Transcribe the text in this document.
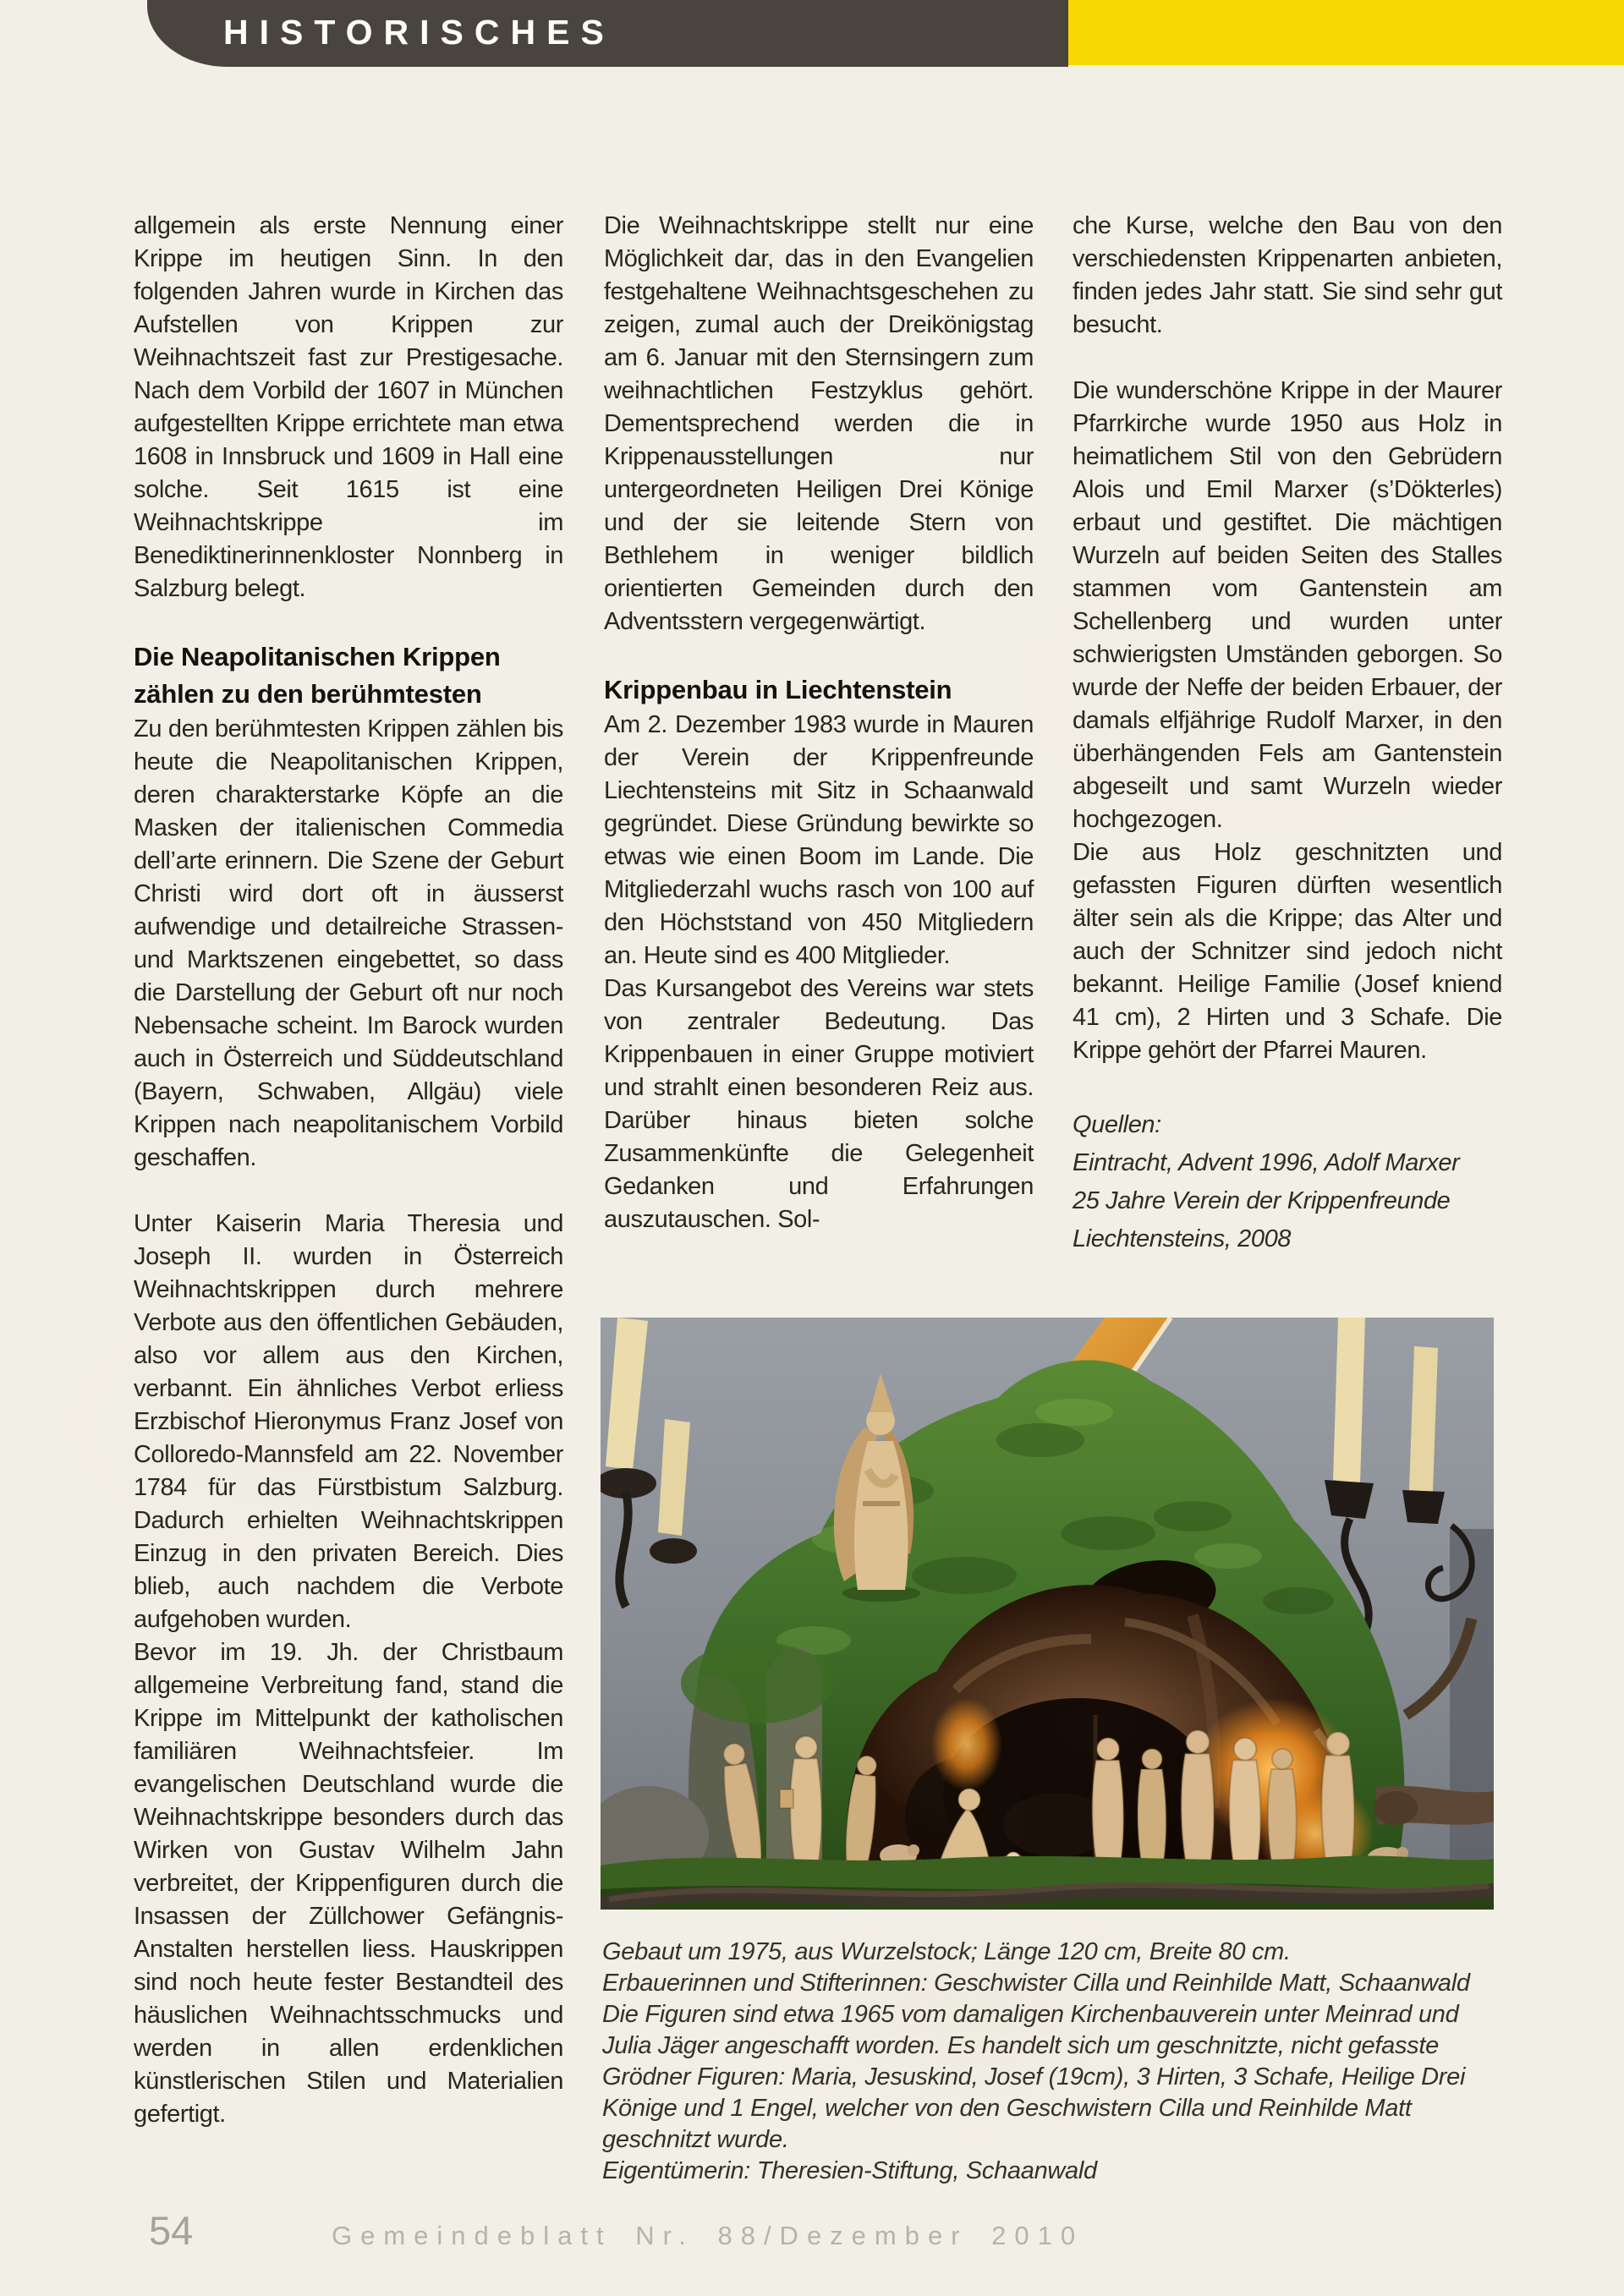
HISTORISCHES

allgemein als erste Nennung einer Krippe im heutigen Sinn. In den folgenden Jahren wurde in Kirchen das Aufstellen von Krippen zur Weihnachtszeit fast zur Prestigesache. Nach dem Vorbild der 1607 in München aufgestellten Krippe errichtete man etwa 1608 in Innsbruck und 1609 in Hall eine solche. Seit 1615 ist eine Weihnachtskrippe im Benediktinerinnenkloster Nonnberg in Salzburg belegt.

Die Neapolitanischen Krippen
zählen zu den berühmtesten

Zu den berühmtesten Krippen zählen bis heute die Neapolitanischen Krippen, deren charakterstarke Köpfe an die Masken der italienischen Commedia dell’arte erinnern. Die Szene der Geburt Christi wird dort oft in äusserst aufwendige und detailreiche Strassen-und Marktszenen eingebettet, so dass die Darstellung der Geburt oft nur noch Nebensache scheint. Im Barock wurden auch in Österreich und Süddeutschland (Bayern, Schwaben, Allgäu) viele Krippen nach neapolitanischem Vorbild geschaffen.

Unter Kaiserin Maria Theresia und Joseph II. wurden in Österreich Weihnachtskrippen durch mehrere Verbote aus den öffentlichen Gebäuden, also vor allem aus den Kirchen, verbannt. Ein ähnliches Verbot erliess Erzbischof Hieronymus Franz Josef von Colloredo-Mannsfeld am 22. November 1784 für das Fürstbistum Salzburg. Dadurch erhielten Weihnachtskrippen Einzug in den privaten Bereich. Dies blieb, auch nachdem die Verbote aufgehoben wurden.

Bevor im 19. Jh. der Christbaum allgemeine Verbreitung fand, stand die Krippe im Mittelpunkt der katholischen familiären Weihnachtsfeier. Im evangelischen Deutschland wurde die Weihnachtskrippe besonders durch das Wirken von Gustav Wilhelm Jahn verbreitet, der Krippenfiguren durch die Insassen der Züllchower Gefängnis-Anstalten herstellen liess. Hauskrippen sind noch heute fester Bestandteil des häuslichen Weihnachtsschmucks und werden in allen erdenklichen künstlerischen Stilen und Materialien gefertigt.

Die Weihnachtskrippe stellt nur eine Möglichkeit dar, das in den Evangelien festgehaltene Weihnachtsgeschehen zu zeigen, zumal auch der Dreikönigstag am 6. Januar mit den Sternsingern zum weihnachtlichen Festzyklus gehört. Dementsprechend werden die in Krippenausstellungen nur untergeordneten Heiligen Drei Könige und der sie leitende Stern von Bethlehem in weniger bildlich orientierten Gemeinden durch den Adventsstern vergegenwärtigt.

Krippenbau in Liechtenstein

Am 2. Dezember 1983 wurde in Mauren der Verein der Krippenfreunde Liechtensteins mit Sitz in Schaanwald gegründet. Diese Gründung bewirkte so etwas wie einen Boom im Lande. Die Mitgliederzahl wuchs rasch von 100 auf den Höchststand von 450 Mitgliedern an. Heute sind es 400 Mitglieder.

Das Kursangebot des Vereins war stets von zentraler Bedeutung. Das Krippenbauen in einer Gruppe motiviert und strahlt einen besonderen Reiz aus. Darüber hinaus bieten solche Zusammenkünfte die Gelegenheit Gedanken und Erfahrungen auszutauschen. Sol-

che Kurse, welche den Bau von den verschiedensten Krippenarten anbieten, finden jedes Jahr statt. Sie sind sehr gut besucht.

Die wunderschöne Krippe in der Maurer Pfarrkirche wurde 1950 aus Holz in heimatlichem Stil von den Gebrüdern Alois und Emil Marxer (s’Dökterles) erbaut und gestiftet. Die mächtigen Wurzeln auf beiden Seiten des Stalles stammen vom Gantenstein am Schellenberg und wurden unter schwierigsten Umständen geborgen. So wurde der Neffe der beiden Erbauer, der damals elfjährige Rudolf Marxer, in den überhängenden Fels am Gantenstein abgeseilt und samt Wurzeln wieder hochgezogen.

Die aus Holz geschnitzten und gefassten Figuren dürften wesentlich älter sein als die Krippe; das Alter und auch der Schnitzer sind jedoch nicht bekannt. Heilige Familie (Josef kniend 41 cm), 2 Hirten und 3 Schafe. Die Krippe gehört der Pfarrei Mauren.

Quellen:

Eintracht, Advent 1996, Adolf Marxer

25 Jahre Verein der Krippenfreunde Liechtensteins, 2008

Gebaut um 1975, aus Wurzelstock; Länge 120 cm, Breite 80 cm.

Erbauerinnen und Stifterinnen: Geschwister Cilla und Reinhilde Matt, Schaanwald

Die Figuren sind etwa 1965 vom damaligen Kirchenbauverein unter Meinrad und Julia Jäger angeschafft worden. Es handelt sich um geschnitzte, nicht gefasste Grödner Figuren: Maria, Jesuskind, Josef (19cm), 3 Hirten, 3 Schafe, Heilige Drei Könige und 1 Engel, welcher von den Geschwistern Cilla und Reinhilde Matt geschnitzt wurde.

Eigentümerin: Theresien-Stiftung, Schaanwald

54	Gemeindeblatt Nr. 88/Dezember 2010
